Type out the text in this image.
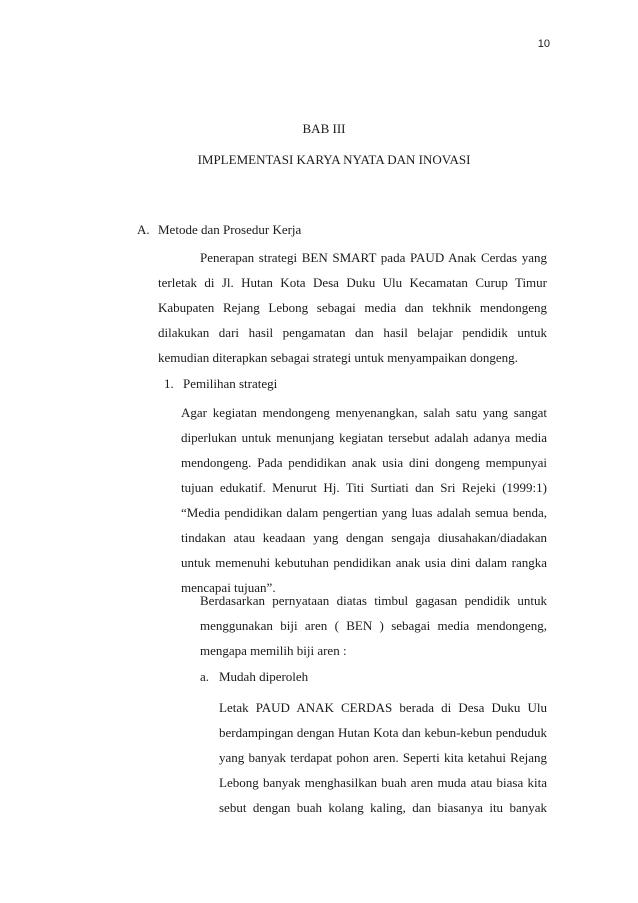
10
BAB III
IMPLEMENTASI KARYA NYATA DAN INOVASI
A. Metode dan Prosedur Kerja
Penerapan strategi BEN SMART pada PAUD Anak Cerdas yang
terletak di Jl. Hutan Kota Desa Duku Ulu Kecamatan Curup Timur
Kabupaten Rejang Lebong sebagai media dan tekhnik mendongeng
dilakukan dari hasil pengamatan dan hasil belajar pendidik untuk
kemudian diterapkan sebagai strategi untuk menyampaikan dongeng.
1. Pemilihan strategi
Agar kegiatan mendongeng menyenangkan, salah satu yang sangat
diperlukan untuk menunjang kegiatan tersebut adalah adanya media
mendongeng. Pada pendidikan anak usia dini dongeng mempunyai
tujuan edukatif. Menurut Hj. Titi Surtiati dan Sri Rejeki (1999:1)
“Media pendidikan dalam pengertian yang luas adalah semua benda,
tindakan atau keadaan yang dengan sengaja diusahakan/diadakan
untuk memenuhi kebutuhan pendidikan anak usia dini dalam rangka
mencapai tujuan”.
Berdasarkan pernyataan diatas timbul gagasan pendidik untuk
menggunakan biji aren ( BEN ) sebagai media mendongeng,
mengapa memilih biji aren :
a. Mudah diperoleh
Letak PAUD ANAK CERDAS berada di Desa Duku Ulu
berdampingan dengan Hutan Kota dan kebun-kebun penduduk
yang banyak terdapat pohon aren. Seperti kita ketahui Rejang
Lebong banyak menghasilkan buah aren muda atau biasa kita
sebut dengan buah kolang kaling, dan biasanya itu banyak
